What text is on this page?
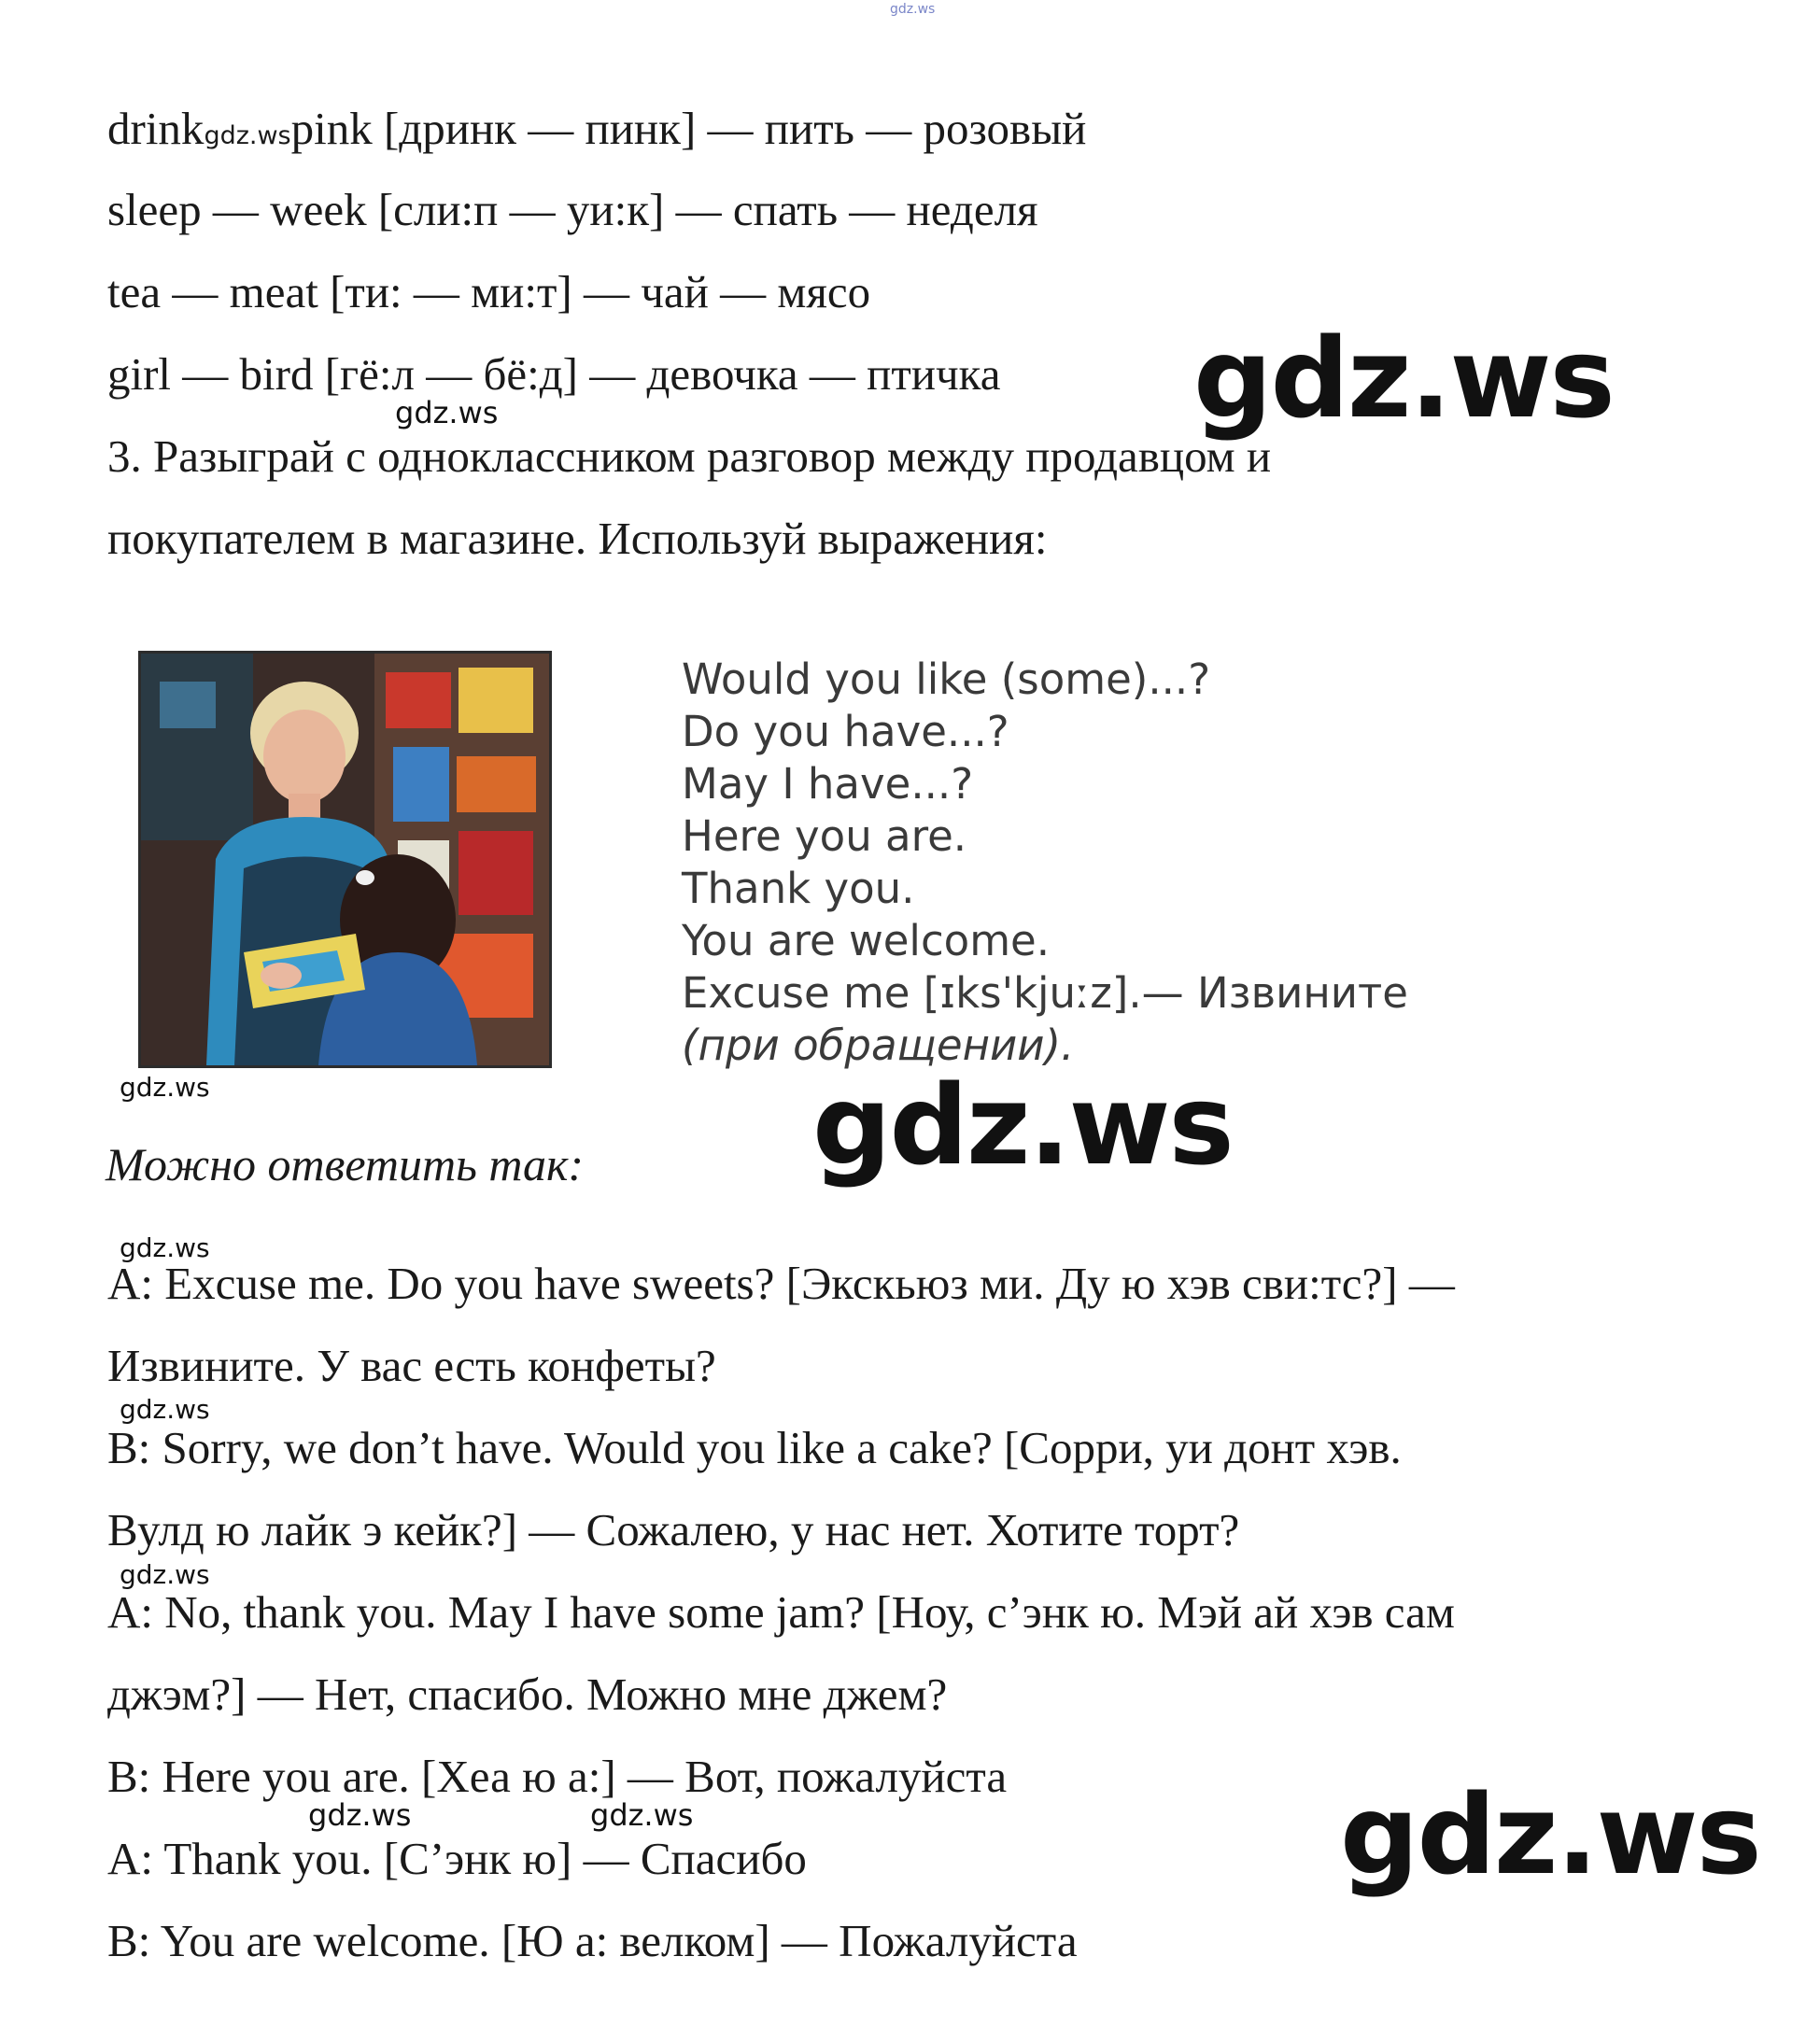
gdz.ws
drinkgdz.wspink [дринк — пинк] — пить — розовый
sleep — week [сли:п — уи:к] — спать — неделя
tea — meat [ти: — ми:т] — чай — мясо
girl — bird [гё:л — бё:д] — девочка — птичка gdz.ws
gdz.ws
3. Разыграй с одноклассником разговор между продавцом и
покупателем в магазине. Используй выражения:
Would you like (some)...?
Do you have...?
May I have...?
Here you are.
Thank you.
You are welcome.
Excuse me [ɪks'kjuːz].— Извините
(при обращении).
gdz.ws	gdz.ws
Можно ответить так:
gdz.ws
A: Excuse me. Do you have sweets? [Экскьюз ми. Ду ю хэв сви:тс?] —
Извините. У вас есть конфеты?
gdz.ws
B: Sorry, we don’t have. Would you like a cake? [Сорри, уи донт хэв.
Вулд ю лайк э кейк?] — Сожалею, у нас нет. Хотите торт?
gdz.ws
A: No, thank you. May I have some jam? [Ноу, с’энк ю. Мэй ай хэв сам
джэм?] — Нет, спасибо. Можно мне джем?
B: Here you are. [Хеа ю а:] — Вот, пожалуйста
gdz.ws	gdz.ws
A: Thank you. [С’энк ю] — Спасибо	gdz.ws
B: You are welcome. [Ю а: велком] — Пожалуйста
